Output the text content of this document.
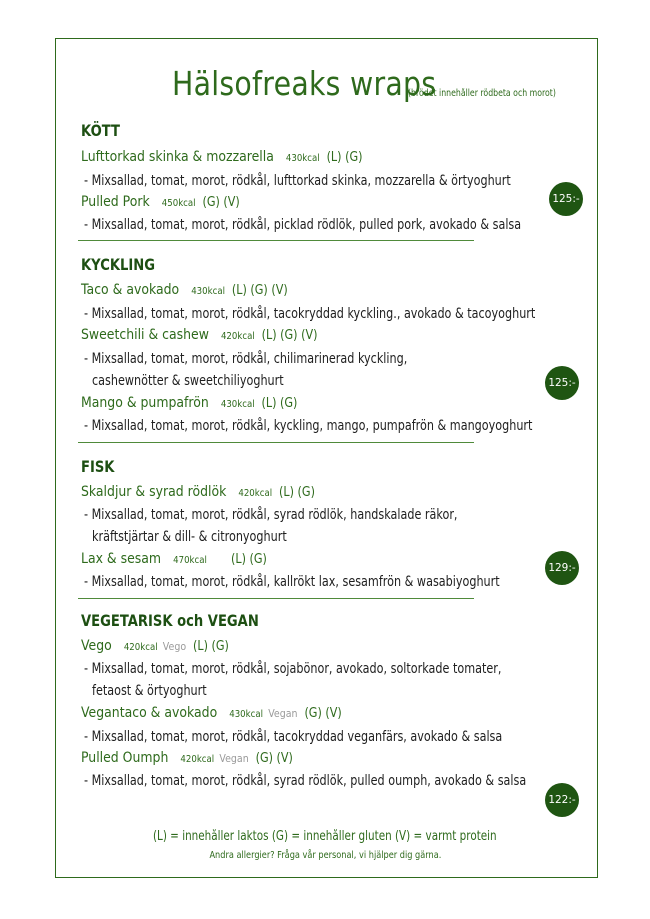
Hälsofreaks wraps
(brödet innehåller rödbeta och morot)
KÖTT
Lufttorkad skinka & mozzarella 430kcal (L) (G)
- Mixsallad, tomat, morot, rödkål, lufttorkad skinka, mozzarella & örtyoghurt
Pulled Pork 450kcal (G) (V)
- Mixsallad, tomat, morot, rödkål, picklad rödlök, pulled pork, avokado & salsa
125:-
KYCKLING
Taco & avokado 430kcal (L) (G) (V)
- Mixsallad, tomat, morot, rödkål, tacokryddad kyckling., avokado & tacoyoghurt
Sweetchili & cashew 420kcal (L) (G) (V)
- Mixsallad, tomat, morot, rödkål, chilimarinerad kyckling,
cashewnötter & sweetchiliyoghurt
Mango & pumpafrön 430kcal (L) (G)
- Mixsallad, tomat, morot, rödkål, kyckling, mango, pumpafrön & mangoyoghurt
125:-
FISK
Skaldjur & syrad rödlök 420kcal (L) (G)
- Mixsallad, tomat, morot, rödkål, syrad rödlök, handskalade räkor,
kräftstjärtar & dill- & citronyoghurt
Lax & sesam 470kcal (L) (G)
- Mixsallad, tomat, morot, rödkål, kallrökt lax, sesamfrön & wasabiyoghurt
129:-
VEGETARISK och VEGAN
Vego 420kcal Vego (L) (G)
- Mixsallad, tomat, morot, rödkål, sojabönor, avokado, soltorkade tomater,
fetaost & örtyoghurt
Vegantaco & avokado 430kcal Vegan (G) (V)
- Mixsallad, tomat, morot, rödkål, tacokryddad veganfärs, avokado & salsa
Pulled Oumph 420kcal Vegan (G) (V)
- Mixsallad, tomat, morot, rödkål, syrad rödlök, pulled oumph, avokado & salsa
122:-
(L) = innehåller laktos (G) = innehåller gluten (V) = varmt protein
Andra allergier? Fråga vår personal, vi hjälper dig gärna.
